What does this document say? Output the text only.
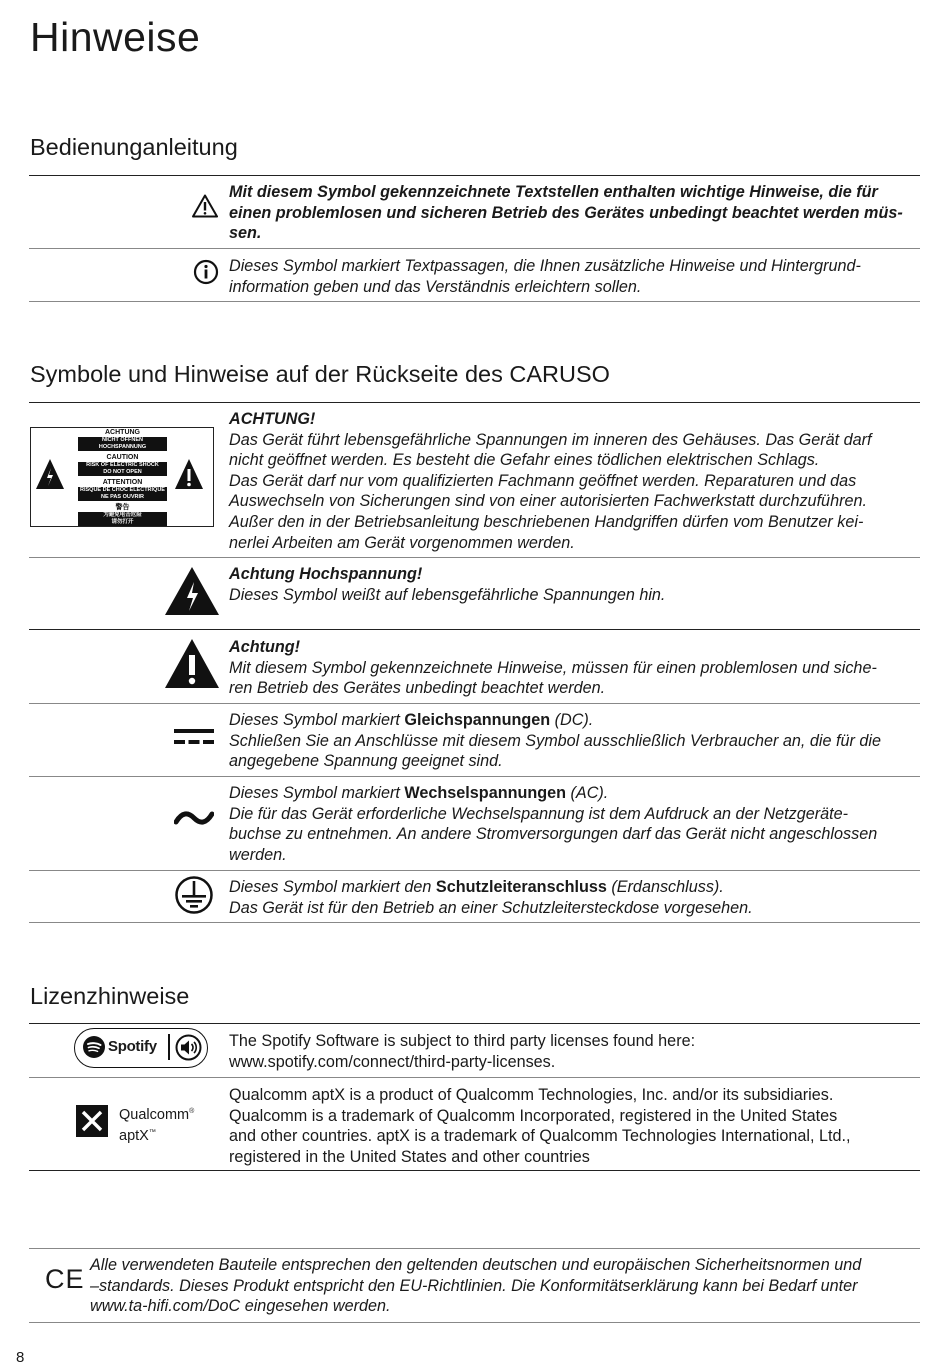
Hinweise
Bedienunganleitung
Mit diesem Symbol gekennzeichnete Textstellen enthalten wichtige Hinweise, die für
einen problemlosen und sicheren Betrieb des Gerätes unbedingt beachtet werden müs-
sen.
Dieses Symbol markiert Textpassagen, die Ihnen zusätzliche Hinweise und Hintergrund-
information geben und das Verständnis erleichtern sollen.
Symbole und Hinweise auf der Rückseite des CARUSO
ACHTUNG
NICHT ÖFFNEN
HOCHSPANNUNG
CAUTION
RISK OF ELECTRIC SHOCK
DO NOT OPEN
ATTENTION
RISQUE DE CHOC ELECTRIQUE
NE PAS OUVRIR
警告
为避免电击危险
请勿打开
ACHTUNG!
Das Gerät führt lebensgefährliche Spannungen im inneren des Gehäuses. Das Gerät darf
nicht geöffnet werden. Es besteht die Gefahr eines tödlichen elektrischen Schlags.
Das Gerät darf nur vom qualifizierten Fachmann geöffnet werden. Reparaturen und das
Auswechseln von Sicherungen sind von einer autorisierten Fachwerkstatt durchzuführen.
Außer den in der Betriebsanleitung beschriebenen Handgriffen dürfen vom Benutzer kei-
nerlei Arbeiten am Gerät vorgenommen werden.
Achtung Hochspannung!
Dieses Symbol weißt auf lebensgefährliche Spannungen hin.
Achtung!
Mit diesem Symbol gekennzeichnete Hinweise, müssen für einen problemlosen und siche-
ren Betrieb des Gerätes unbedingt beachtet werden.
Dieses Symbol markiert Gleichspannungen (DC).
Schließen Sie an Anschlüsse mit diesem Symbol ausschließlich Verbraucher an, die für die
angegebene Spannung geeignet sind.
Dieses Symbol markiert Wechselspannungen (AC).
Die für das Gerät erforderliche Wechselspannung ist dem Aufdruck an der Netzgeräte-
buchse zu entnehmen. An andere Stromversorgungen darf das Gerät nicht angeschlossen
werden.
Dieses Symbol markiert den Schutzleiteranschluss (Erdanschluss).
Das Gerät ist für den Betrieb an einer Schutzleitersteckdose vorgesehen.
Lizenzhinweise
Spotify	The Spotify Software is subject to third party licenses found here:
www.spotify.com/connect/third-party-licenses.
Qualcomm®
aptX™
Qualcomm aptX is a product of Qualcomm Technologies, Inc. and/or its subsidiaries.
Qualcomm is a trademark of Qualcomm Incorporated, registered in the United States
and other countries. aptX is a trademark of Qualcomm Technologies International, Ltd.,
registered in the United States and other countries
CE Alle verwendeten Bauteile entsprechen den geltenden deutschen und europäischen Sicherheitsnormen und
–standards. Dieses Produkt entspricht den EU-Richtlinien. Die Konformitätserklärung kann bei Bedarf unter
www.ta-hifi.com/DoC eingesehen werden.
8
